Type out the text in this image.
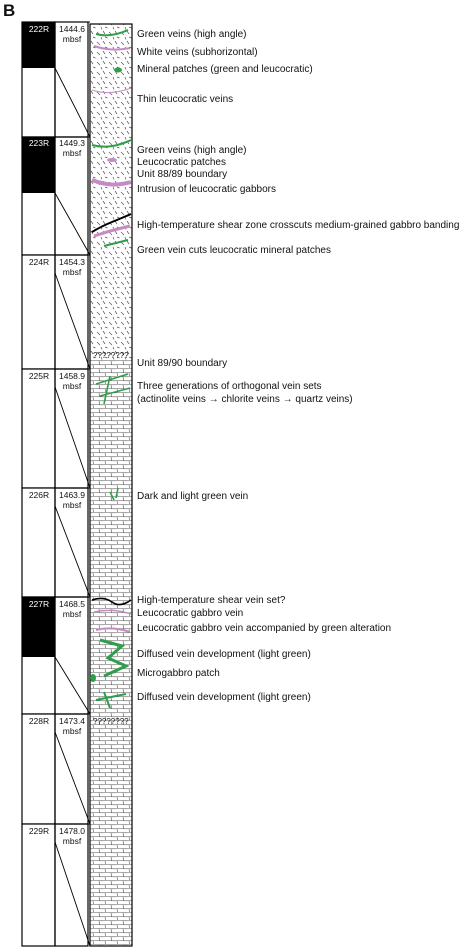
B
222R
223R
224R
225R
226R
227R
228R
229R
1444.6
mbsf
1449.3
mbsf
1454.3
mbsf
1458.9
mbsf
1463.9
mbsf
1468.5
mbsf
1473.4
mbsf
1478.0
mbsf
????????
????????
Green veins (high angle)
White veins (subhorizontal)
Mineral patches (green and leucocratic)
Thin leucocratic veins
Green veins (high angle)
Leucocratic patches
Unit 88/89 boundary
Intrusion of leucocratic gabbors
High-temperature shear zone crosscuts medium-grained gabbro banding
Green vein cuts leucocratic mineral patches
Unit 89/90 boundary
Three generations of orthogonal vein sets
(actinolite veins → chlorite veins → quartz veins)
Dark and light green vein
High-temperature shear vein set?
Leucocratic gabbro vein
Leucocratic gabbro vein accompanied by green alteration
Diffused vein development (light green)
Microgabbro patch
Diffused vein development (light green)
